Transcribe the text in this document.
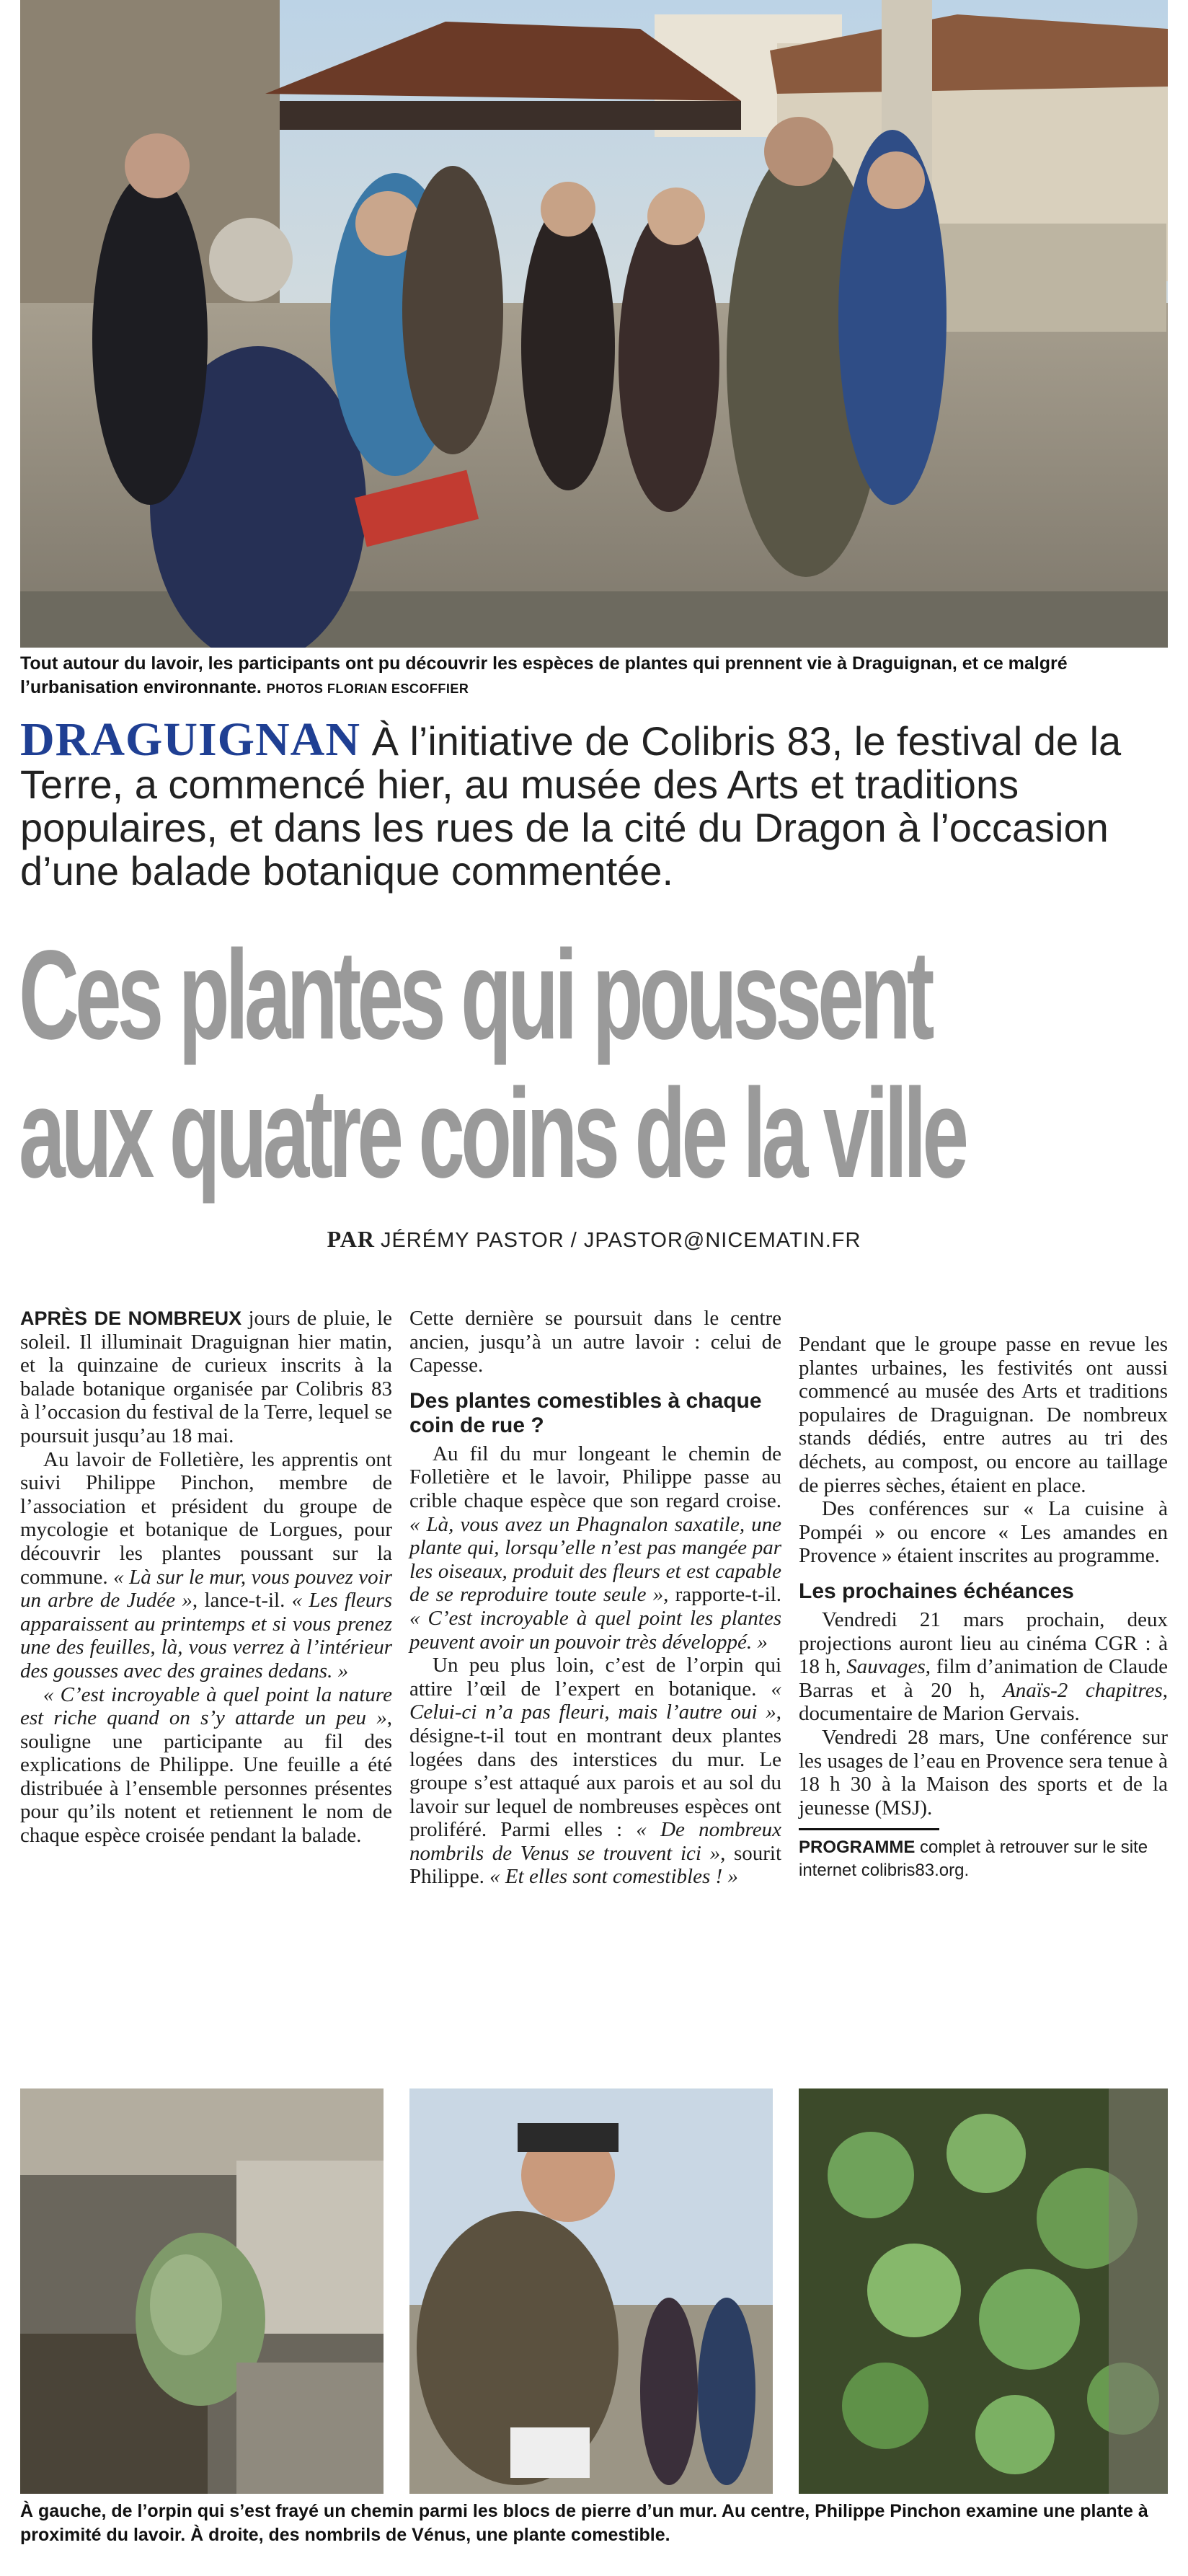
Tout autour du lavoir, les participants ont pu découvrir les espèces de plantes qui prennent vie à Draguignan, et ce malgré l’urbanisation environnante. PHOTOS FLORIAN ESCOFFIER
DRAGUIGNAN À l’initiative de Colibris 83, le festival de la Terre, a commencé hier, au musée des Arts et traditions populaires, et dans les rues de la cité du Dragon à l’occasion d’une balade botanique commentée.
Ces plantes qui poussent
aux quatre coins de la ville
PAR JÉRÉMY PASTOR / JPASTOR@NICEMATIN.FR

APRÈS DE NOMBREUX jours de pluie, le soleil. Il illuminait Draguignan hier matin, et la quinzaine de curieux inscrits à la balade botanique organisée par Colibris 83 à l’occasion du festival de la Terre, lequel se poursuit jusqu’au 18 mai.

Au lavoir de Folletière, les apprentis ont suivi Philippe Pinchon, membre de l’association et président du groupe de mycologie et botanique de Lorgues, pour découvrir les plantes poussant sur la commune. « Là sur le mur, vous pouvez voir un arbre de Judée », lance-t-il. « Les fleurs apparaissent au printemps et si vous prenez une des feuilles, là, vous verrez à l’intérieur des gousses avec des graines dedans. »

« C’est incroyable à quel point la nature est riche quand on s’y attarde un peu », souligne une participante au fil des explications de Philippe. Une feuille a été distribuée à l’ensemble personnes présentes pour qu’ils notent et retiennent le nom de chaque espèce croisée pendant la balade.

Cette dernière se poursuit dans le centre ancien, jusqu’à un autre lavoir : celui de Capesse.

Des plantes comestibles à chaque coin de rue ?

Au fil du mur longeant le chemin de Folletière et le lavoir, Philippe passe au crible chaque espèce que son regard croise. « Là, vous avez un Phagnalon saxatile, une plante qui, lorsqu’elle n’est pas mangée par les oiseaux, produit des fleurs et est capable de se reproduire toute seule », rapporte-t-il. « C’est incroyable à quel point les plantes peuvent avoir un pouvoir très développé. »

Un peu plus loin, c’est de l’orpin qui attire l’œil de l’expert en botanique. « Celui-ci n’a pas fleuri, mais l’autre oui », désigne-t-il tout en montrant deux plantes logées dans des interstices du mur. Le groupe s’est attaqué aux parois et au sol du lavoir sur lequel de nombreuses espèces ont proliféré. Parmi elles : « De nombreux nombrils de Venus se trouvent ici », sourit Philippe. « Et elles sont comestibles ! »

Pendant que le groupe passe en revue les plantes urbaines, les festivités ont aussi commencé au musée des Arts et traditions populaires de Draguignan. De nombreux stands dédiés, entre autres au tri des déchets, au compost, ou encore au taillage de pierres sèches, étaient en place.

Des conférences sur « La cuisine à Pompéi » ou encore « Les amandes en Provence » étaient inscrites au programme.

Les prochaines échéances

Vendredi 21 mars prochain, deux projections auront lieu au cinéma CGR : à 18 h, Sauvages, film d’animation de Claude Barras et à 20 h, Anaïs-2 chapitres, documentaire de Marion Gervais.

Vendredi 28 mars, Une conférence sur les usages de l’eau en Provence sera tenue à 18 h 30 à la Maison des sports et de la jeunesse (MSJ).

PROGRAMME complet à retrouver sur le site internet colibris83.org.
À gauche, de l’orpin qui s’est frayé un chemin parmi les blocs de pierre d’un mur. Au centre, Philippe Pinchon examine une plante à proximité du lavoir. À droite, des nombrils de Vénus, une plante comestible.
